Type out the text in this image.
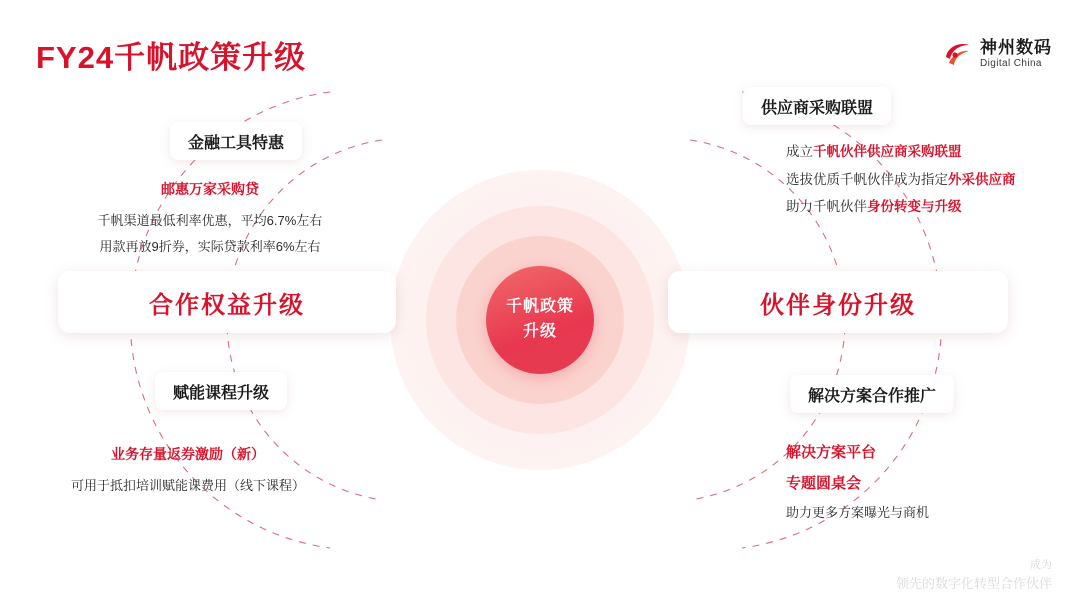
FY24千帆政策升级	神州数码
Digital China
千帆政策
升级
合作权益升级	伙伴身份升级
金融工具特惠
邮惠万家采购贷
千帆渠道最低利率优惠，平均6.7%左右
用款再放9折券，实际贷款利率6%左右
赋能课程升级
业务存量返券激励（新）
可用于抵扣培训赋能课费用（线下课程）
供应商采购联盟
成立千帆伙伴供应商采购联盟
选拔优质千帆伙伴成为指定外采供应商
助力千帆伙伴身份转变与升级
解决方案合作推广
解决方案平台
专题圆桌会
助力更多方案曝光与商机
成为
领先的数字化转型合作伙伴
